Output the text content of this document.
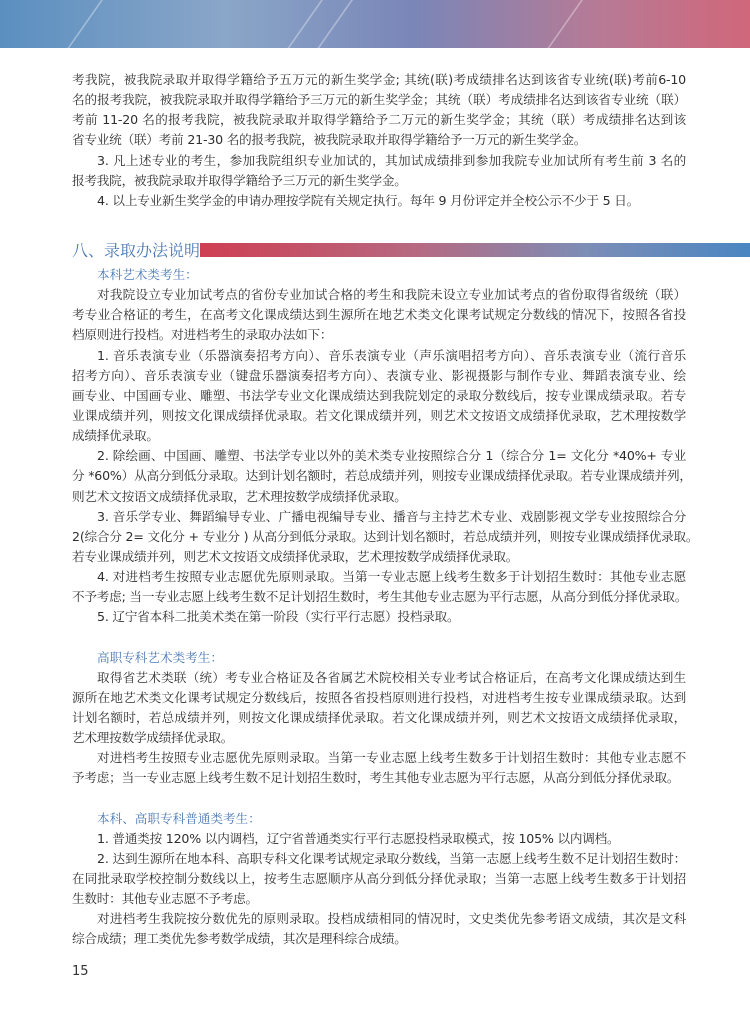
考我院，被我院录取并取得学籍给予五万元的新生奖学金; 其统(联)考成绩排名达到该省专业统(联)考前6-10
名的报考我院，被我院录取并取得学籍给予三万元的新生奖学金；其统（联）考成绩排名达到该省专业统（联）
考前 11-20 名的报考我院，被我院录取并取得学籍给予二万元的新生奖学金；其统（联）考成绩排名达到该
省专业统（联）考前 21-30 名的报考我院，被我院录取并取得学籍给予一万元的新生奖学金。
3. 凡上述专业的考生，参加我院组织专业加试的，其加试成绩排到参加我院专业加试所有考生前 3 名的
报考我院，被我院录取并取得学籍给予三万元的新生奖学金。
4. 以上专业新生奖学金的申请办理按学院有关规定执行。每年 9 月份评定并全校公示不少于 5 日。
八、录取办法说明
本科艺术类考生：
对我院设立专业加试考点的省份专业加试合格的考生和我院未设立专业加试考点的省份取得省级统（联）
考专业合格证的考生，在高考文化课成绩达到生源所在地艺术类文化课考试规定分数线的情况下，按照各省投
档原则进行投档。对进档考生的录取办法如下：
1. 音乐表演专业（乐器演奏招考方向）、音乐表演专业（声乐演唱招考方向）、音乐表演专业（流行音乐
招考方向）、音乐表演专业（键盘乐器演奏招考方向）、表演专业、影视摄影与制作专业、舞蹈表演专业、绘
画专业、中国画专业、雕塑、书法学专业文化课成绩达到我院划定的录取分数线后，按专业课成绩录取。若专
业课成绩并列，则按文化课成绩择优录取。若文化课成绩并列，则艺术文按语文成绩择优录取，艺术理按数学
成绩择优录取。
2. 除绘画、中国画、雕塑、书法学专业以外的美术类专业按照综合分 1（综合分 1= 文化分 *40%+ 专业
分 *60%）从高分到低分录取。达到计划名额时，若总成绩并列，则按专业课成绩择优录取。若专业课成绩并列，
则艺术文按语文成绩择优录取，艺术理按数学成绩择优录取。
3. 音乐学专业、舞蹈编导专业、广播电视编导专业、播音与主持艺术专业、戏剧影视文学专业按照综合分
2(综合分 2= 文化分 + 专业分 ) 从高分到低分录取。达到计划名额时，若总成绩并列，则按专业课成绩择优录取。
若专业课成绩并列，则艺术文按语文成绩择优录取，艺术理按数学成绩择优录取。
4. 对进档考生按照专业志愿优先原则录取。当第一专业志愿上线考生数多于计划招生数时：其他专业志愿
不予考虑; 当一专业志愿上线考生数不足计划招生数时，考生其他专业志愿为平行志愿，从高分到低分择优录取。
5. 辽宁省本科二批美术类在第一阶段（实行平行志愿）投档录取。
高职专科艺术类考生：
取得省艺术类联（统）考专业合格证及各省属艺术院校相关专业考试合格证后，在高考文化课成绩达到生
源所在地艺术类文化课考试规定分数线后，按照各省投档原则进行投档，对进档考生按专业课成绩录取。达到
计划名额时，若总成绩并列，则按文化课成绩择优录取。若文化课成绩并列，则艺术文按语文成绩择优录取，
艺术理按数学成绩择优录取。
对进档考生按照专业志愿优先原则录取。当第一专业志愿上线考生数多于计划招生数时：其他专业志愿不
予考虑；当一专业志愿上线考生数不足计划招生数时，考生其他专业志愿为平行志愿，从高分到低分择优录取。
本科、高职专科普通类考生：
1. 普通类按 120% 以内调档，辽宁省普通类实行平行志愿投档录取模式，按 105% 以内调档。
2. 达到生源所在地本科、高职专科文化课考试规定录取分数线，当第一志愿上线考生数不足计划招生数时：
在同批录取学校控制分数线以上，按考生志愿顺序从高分到低分择优录取；当第一志愿上线考生数多于计划招
生数时：其他专业志愿不予考虑。
对进档考生我院按分数优先的原则录取。投档成绩相同的情况时，文史类优先参考语文成绩，其次是文科
综合成绩；理工类优先参考数学成绩，其次是理科综合成绩。
15
